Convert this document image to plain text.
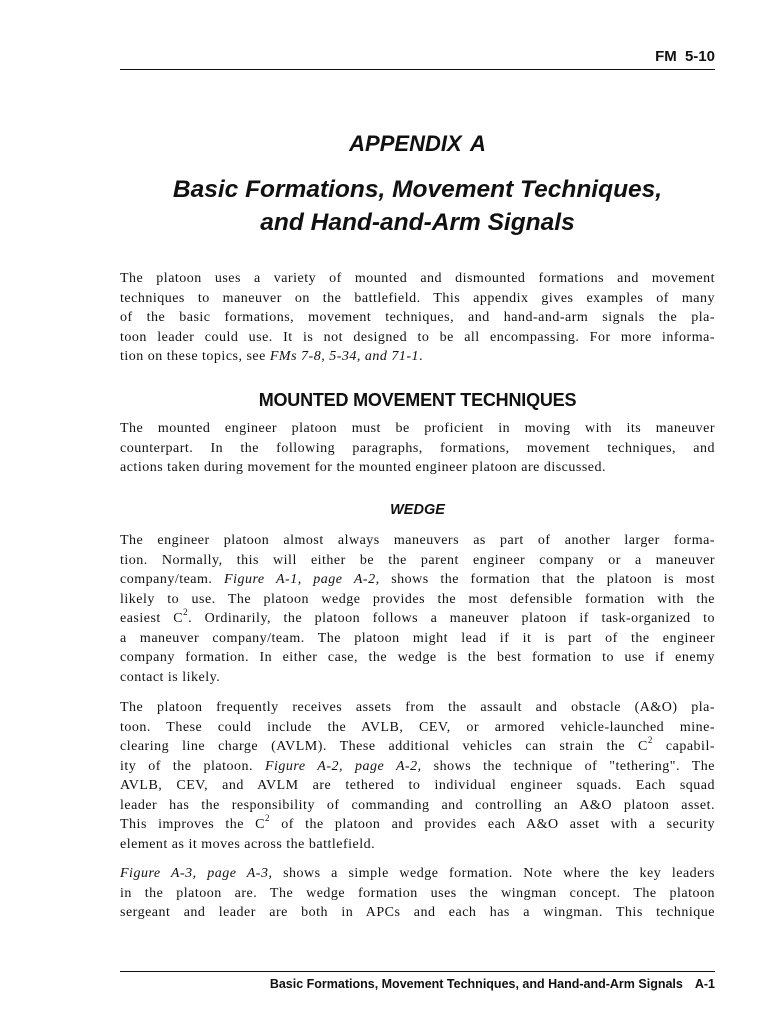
FM 5-10
APPENDIX A
Basic Formations, Movement Techniques,
and Hand-and-Arm Signals

The platoon uses a variety of mounted and dismounted formations and movement
techniques to maneuver on the battlefield. This appendix gives examples of many
of the basic formations, movement techniques, and hand-and-arm signals the pla-
toon leader could use. It is not designed to be all encompassing. For more informa-
tion on these topics, see FMs 7-8, 5-34, and 71-1.

MOUNTED MOVEMENT TECHNIQUES

The mounted engineer platoon must be proficient in moving with its maneuver
counterpart. In the following paragraphs, formations, movement techniques, and
actions taken during movement for the mounted engineer platoon are discussed.

WEDGE

The engineer platoon almost always maneuvers as part of another larger forma-
tion. Normally, this will either be the parent engineer company or a maneuver
company/team. Figure A-1, page A-2, shows the formation that the platoon is most
likely to use. The platoon wedge provides the most defensible formation with the
easiest $C^2$. Ordinarily, the platoon follows a maneuver platoon if task-organized to
a maneuver company/team. The platoon might lead if it is part of the engineer
company formation. In either case, the wedge is the best formation to use if enemy
contact is likely.

The platoon frequently receives assets from the assault and obstacle (A&O) pla-
toon. These could include the AVLB, CEV, or armored vehicle-launched mine-
clearing line charge (AVLM). These additional vehicles can strain the $C^2$ capabil-
ity of the platoon. Figure A-2, page A-2, shows the technique of "tethering". The
AVLB, CEV, and AVLM are tethered to individual engineer squads. Each squad
leader has the responsibility of commanding and controlling an A&O platoon asset.
This improves the $C^2$ of the platoon and provides each A&O asset with a security
element as it moves across the battlefield.

Figure A-3, page A-3, shows a simple wedge formation. Note where the key leaders
in the platoon are. The wedge formation uses the wingman concept. The platoon
sergeant and leader are both in APCs and each has a wingman. This technique

Basic Formations, Movement Techniques, and Hand-and-Arm Signals A-1
